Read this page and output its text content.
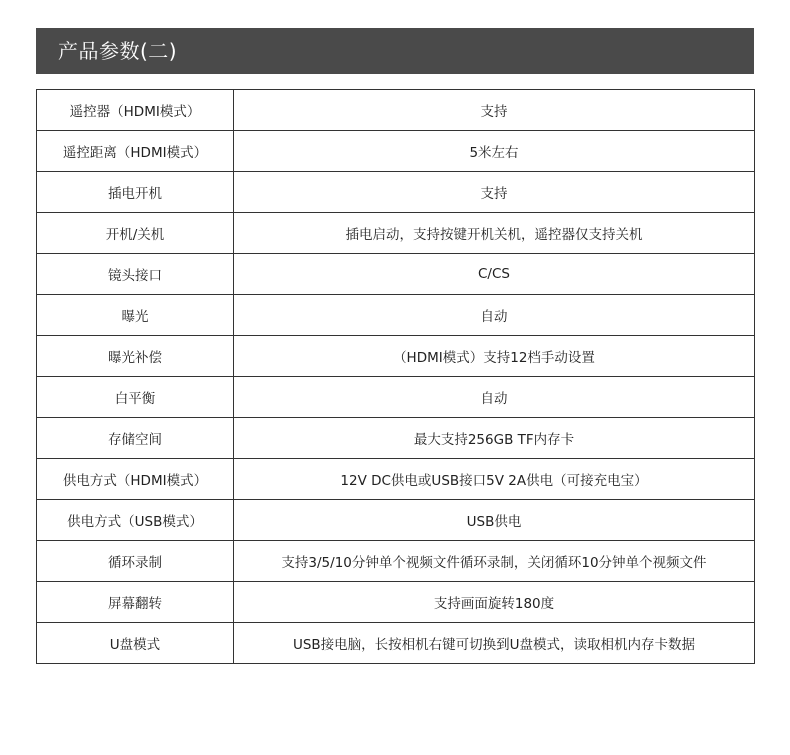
产品参数(二)
遥控器（HDMI模式）	支持
遥控距离（HDMI模式）	5米左右
插电开机	支持
开机/关机	插电启动，支持按键开机关机，遥控器仅支持关机
镜头接口	C/CS
曝光	自动
曝光补偿	（HDMI模式）支持12档手动设置
白平衡	自动
存储空间	最大支持256GB TF内存卡
供电方式（HDMI模式）	12V DC供电或USB接口5V 2A供电（可接充电宝）
供电方式（USB模式）	USB供电
循环录制	支持3/5/10分钟单个视频文件循环录制，关闭循环10分钟单个视频文件
屏幕翻转	支持画面旋转180度
U盘模式	USB接电脑，长按相机右键可切换到U盘模式，读取相机内存卡数据
